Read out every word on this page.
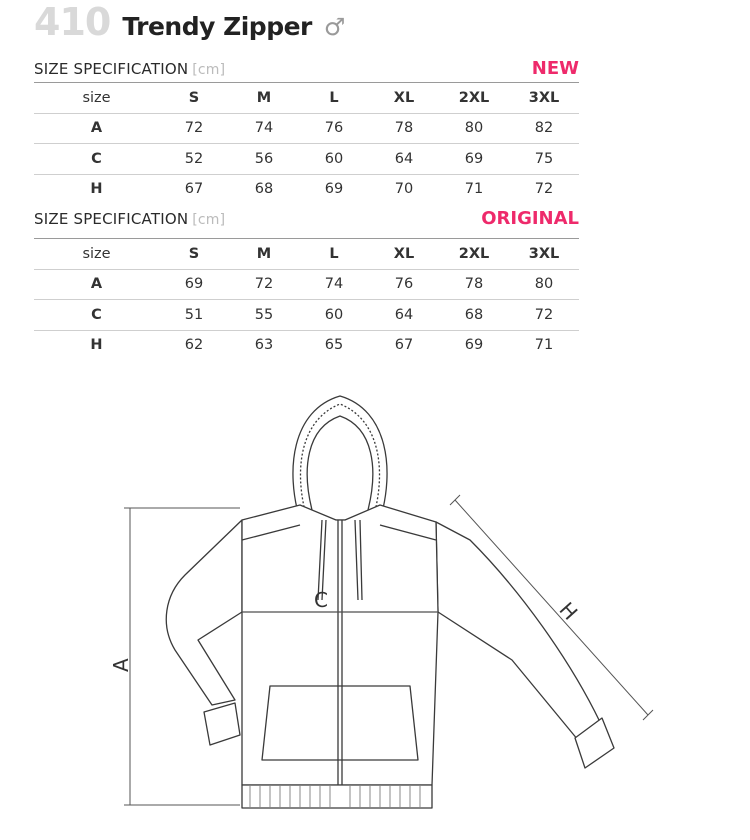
410 Trendy Zipper ♂
SIZE SPECIFICATION [cm]	NEW
size	S	M	L	XL	2XL	3XL
A	72	74	76	78	80	82
C	52	56	60	64	69	75
H	67	68	69	70	71	72
SIZE SPECIFICATION [cm]	ORIGINAL
size	S	M	L	XL	2XL	3XL
A	69	72	74	76	78	80
C	51	55	60	64	68	72
H	62	63	65	67	69	71
A
C	H
